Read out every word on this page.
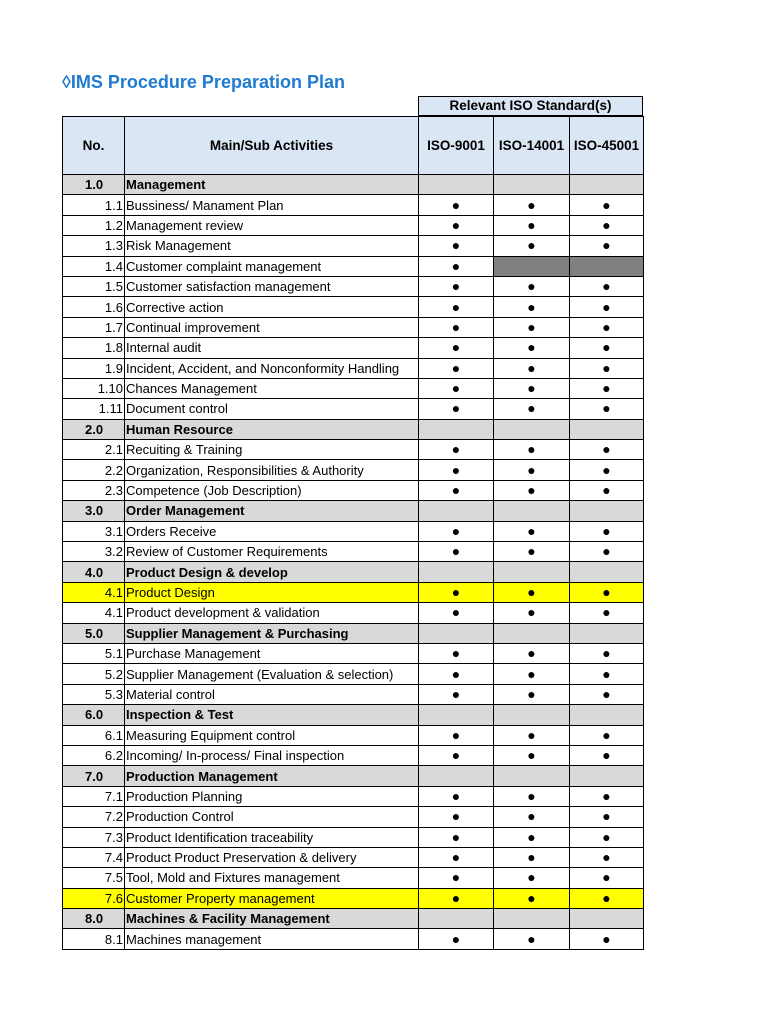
◊IMS Procedure Preparation Plan
Relevant ISO Standard(s)
No.	Main/Sub Activities	ISO-9001	ISO-14001	ISO-45001
1.0	Management			
1.1	Bussiness/ Manament Plan	●	●	●
1.2	Management review	●	●	●
1.3	Risk Management	●	●	●
1.4	Customer complaint management	●		
1.5	Customer satisfaction management	●	●	●
1.6	Corrective action	●	●	●
1.7	Continual improvement	●	●	●
1.8	Internal audit	●	●	●
1.9	Incident, Accident, and Nonconformity Handling	●	●	●
1.10	Chances Management	●	●	●
1.11	Document control	●	●	●
2.0	Human Resource			
2.1	Recuiting & Training	●	●	●
2.2	Organization, Responsibilities & Authority	●	●	●
2.3	Competence (Job Description)	●	●	●
3.0	Order Management			
3.1	Orders Receive	●	●	●
3.2	Review of Customer Requirements	●	●	●
4.0	Product Design & develop			
4.1	Product Design	●	●	●
4.1	Product development & validation	●	●	●
5.0	Supplier Management & Purchasing			
5.1	Purchase Management	●	●	●
5.2	Supplier Management (Evaluation & selection)	●	●	●
5.3	Material control	●	●	●
6.0	Inspection & Test			
6.1	Measuring Equipment control	●	●	●
6.2	Incoming/ In-process/ Final inspection	●	●	●
7.0	Production Management			
7.1	Production Planning	●	●	●
7.2	Production Control	●	●	●
7.3	Product Identification traceability	●	●	●
7.4	Product Product Preservation & delivery	●	●	●
7.5	Tool, Mold and Fixtures management	●	●	●
7.6	Customer Property management	●	●	●
8.0	Machines & Facility Management			
8.1	Machines management	●	●	●
